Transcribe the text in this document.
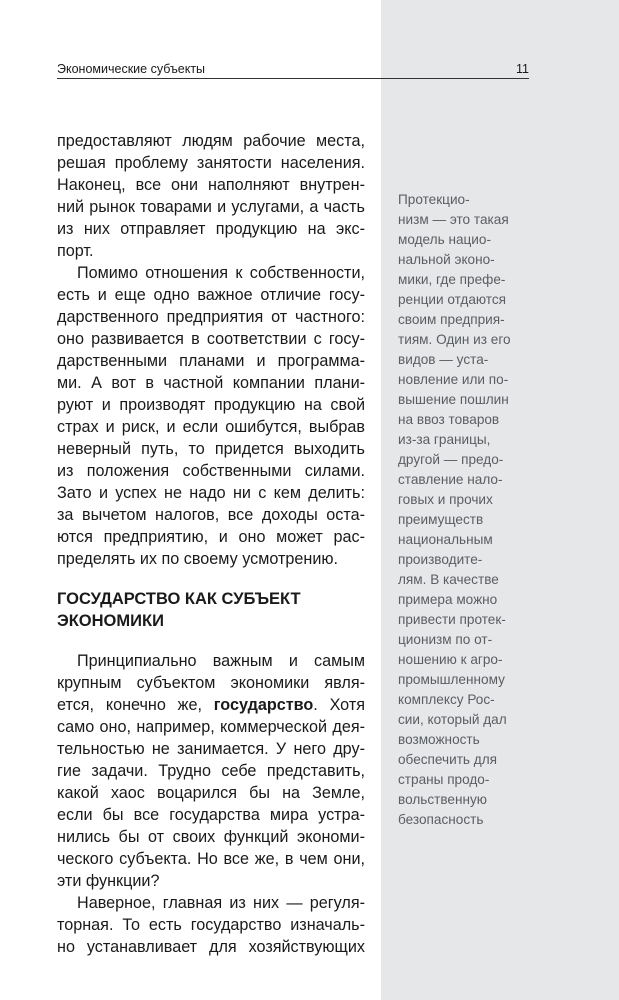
Экономические субъекты	11
предоставляют людям рабочие места,
решая проблему занятости населения.
Наконец, все они наполняют внутрен-
ний рынок товарами и услугами, а часть
из них отправляет продукцию на экс-
порт.
Помимо отношения к собственности,
есть и еще одно важное отличие госу-
дарственного предприятия от частного:
оно развивается в соответствии с госу-
дарственными планами и программа-
ми. А вот в частной компании плани-
руют и производят продукцию на свой
страх и риск, и если ошибутся, выбрав
неверный путь, то придется выходить
из положения собственными силами.
Зато и успех не надо ни с кем делить:
за вычетом налогов, все доходы оста-
ются предприятию, и оно может рас-
пределять их по своему усмотрению.
ГОСУДАРСТВО КАК СУБЪЕКТ
ЭКОНОМИКИ
Принципиально важным и самым
крупным субъектом экономики явля-
ется, конечно же, государство. Хотя
само оно, например, коммерческой дея-
тельностью не занимается. У него дру-
гие задачи. Трудно себе представить,
какой хаос воцарился бы на Земле,
если бы все государства мира устра-
нились бы от своих функций экономи-
ческого субъекта. Но все же, в чем они,
эти функции?
Наверное, главная из них — регуля-
торная. То есть государство изначаль-
но устанавливает для хозяйствующих
Протекцио-
низм — это такая
модель нацио-
нальной эконо-
мики, где префе-
ренции отдаются
своим предприя-
тиям. Один из его
видов — уста-
новление или по-
вышение пошлин
на ввоз товаров
из-за границы,
другой — предо-
ставление нало-
говых и прочих
преимуществ
национальным
производите-
лям. В качестве
примера можно
привести протек-
ционизм по от-
ношению к агро-
промышленному
комплексу Рос-
сии, который дал
возможность
обеспечить для
страны продо-
вольственную
безопасность
